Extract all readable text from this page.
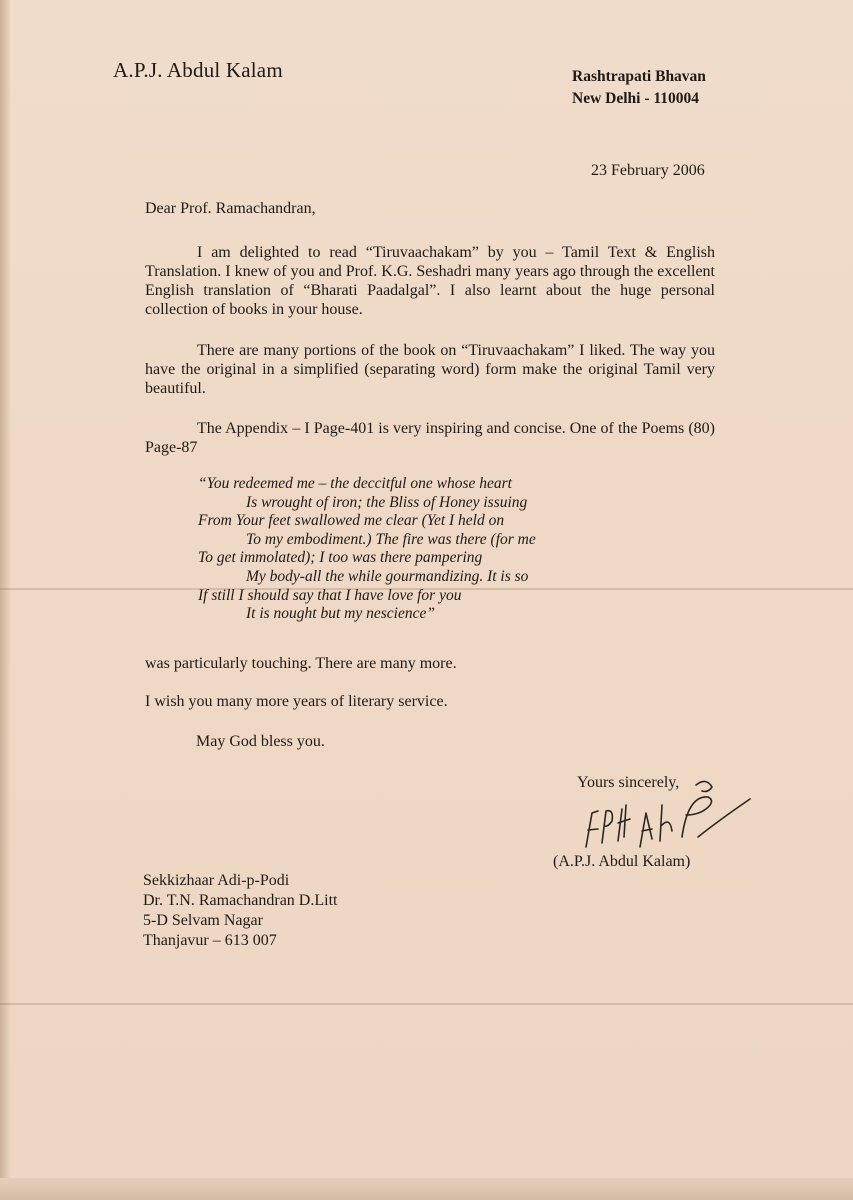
A.P.J. Abdul Kalam	Rashtrapati Bhavan
New Delhi - 110004
23 February 2006
Dear Prof. Ramachandran,
I am delighted to read “Tiruvaachakam” by you – Tamil Text & English Translation. I knew of you and Prof. K.G. Seshadri many years ago through the excellent English translation of “Bharati Paadalgal”. I also learnt about the huge personal collection of books in your house.
There are many portions of the book on “Tiruvaachakam” I liked. The way you have the original in a simplified (separating word) form make the original Tamil very beautiful.
The Appendix – I Page-401 is very inspiring and concise. One of the Poems (80) Page-87
“You redeemed me – the deccitful one whose heart
Is wrought of iron; the Bliss of Honey issuing
From Your feet swallowed me clear (Yet I held on
To my embodiment.) The fire was there (for me
To get immolated); I too was there pampering
My body-all the while gourmandizing. It is so
If still I should say that I have love for you
It is nought but my nescience”
was particularly touching. There are many more.
I wish you many more years of literary service.
May God bless you.
Yours sincerely,
(A.P.J. Abdul Kalam)
Sekkizhaar Adi-p-Podi
Dr. T.N. Ramachandran D.Litt
5-D Selvam Nagar
Thanjavur – 613 007
